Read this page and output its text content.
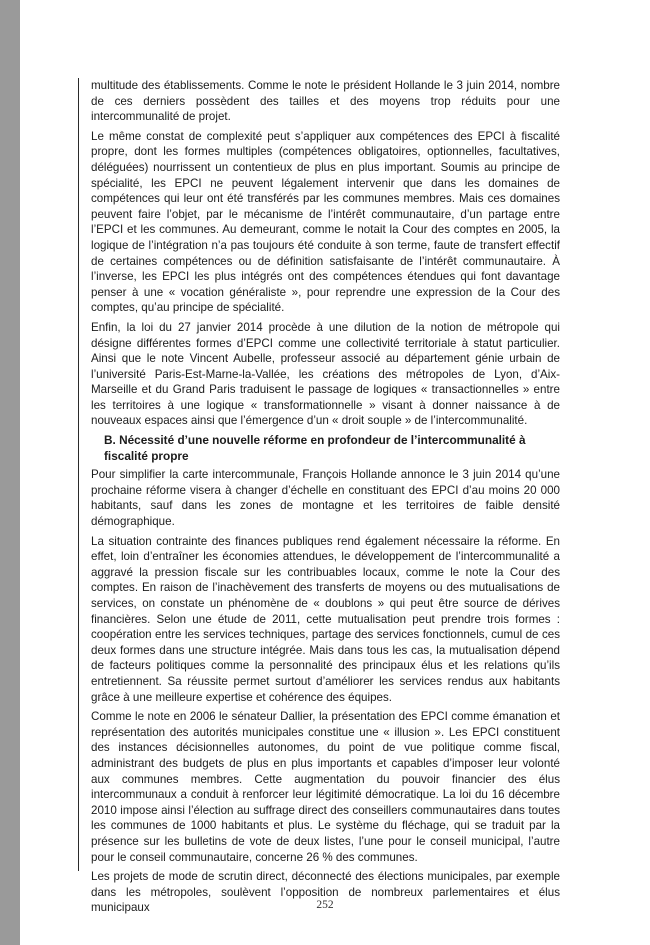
multitude des établissements. Comme le note le président Hollande le 3 juin 2014, nombre de ces derniers possèdent des tailles et des moyens trop réduits pour une intercommunalité de projet.

Le même constat de complexité peut s’appliquer aux compétences des EPCI à fiscalité propre, dont les formes multiples (compétences obligatoires, optionnelles, facultatives, déléguées) nourrissent un contentieux de plus en plus important. Soumis au principe de spécialité, les EPCI ne peuvent légalement intervenir que dans les domaines de compétences qui leur ont été transférés par les communes membres. Mais ces domaines peuvent faire l’objet, par le mécanisme de l’intérêt communautaire, d’un partage entre l’EPCI et les communes. Au demeurant, comme le notait la Cour des comptes en 2005, la logique de l’intégration n’a pas toujours été conduite à son terme, faute de transfert effectif de certaines compétences ou de définition satisfaisante de l’intérêt communautaire. À l’inverse, les EPCI les plus intégrés ont des compétences étendues qui font davantage penser à une « vocation généraliste », pour reprendre une expression de la Cour des comptes, qu’au principe de spécialité.

Enfin, la loi du 27 janvier 2014 procède à une dilution de la notion de métropole qui désigne différentes formes d’EPCI comme une collectivité territoriale à statut particulier. Ainsi que le note Vincent Aubelle, professeur associé au département génie urbain de l’université Paris-Est-Marne-la-Vallée, les créations des métropoles de Lyon, d’Aix-Marseille et du Grand Paris traduisent le passage de logiques « transactionnelles » entre les territoires à une logique « transformationnelle » visant à donner naissance à de nouveaux espaces ainsi que l’émergence d’un « droit souple » de l’intercommunalité.

B. Nécessité d’une nouvelle réforme en profondeur de l’intercommunalité à fiscalité propre

Pour simplifier la carte intercommunale, François Hollande annonce le 3 juin 2014 qu’une prochaine réforme visera à changer d’échelle en constituant des EPCI d’au moins 20 000 habitants, sauf dans les zones de montagne et les territoires de faible densité démographique.

La situation contrainte des finances publiques rend également nécessaire la réforme. En effet, loin d’entraîner les économies attendues, le développement de l’intercommunalité a aggravé la pression fiscale sur les contribuables locaux, comme le note la Cour des comptes. En raison de l’inachèvement des transferts de moyens ou des mutualisations de services, on constate un phénomène de « doublons » qui peut être source de dérives financières. Selon une étude de 2011, cette mutualisation peut prendre trois formes : coopération entre les services techniques, partage des services fonctionnels, cumul de ces deux formes dans une structure intégrée. Mais dans tous les cas, la mutualisation dépend de facteurs politiques comme la personnalité des principaux élus et les relations qu’ils entretiennent. Sa réussite permet surtout d’améliorer les services rendus aux habitants grâce à une meilleure expertise et cohérence des équipes.

Comme le note en 2006 le sénateur Dallier, la présentation des EPCI comme émanation et représentation des autorités municipales constitue une « illusion ». Les EPCI constituent des instances décisionnelles autonomes, du point de vue politique comme fiscal, administrant des budgets de plus en plus importants et capables d’imposer leur volonté aux communes membres. Cette augmentation du pouvoir financier des élus intercommunaux a conduit à renforcer leur légitimité démocratique. La loi du 16 décembre 2010 impose ainsi l’élection au suffrage direct des conseillers communautaires dans toutes les communes de 1000 habitants et plus. Le système du fléchage, qui se traduit par la présence sur les bulletins de vote de deux listes, l’une pour le conseil municipal, l’autre pour le conseil communautaire, concerne 26 % des communes.

Les projets de mode de scrutin direct, déconnecté des élections municipales, par exemple dans les métropoles, soulèvent l’opposition de nombreux parlementaires et élus municipaux	252
